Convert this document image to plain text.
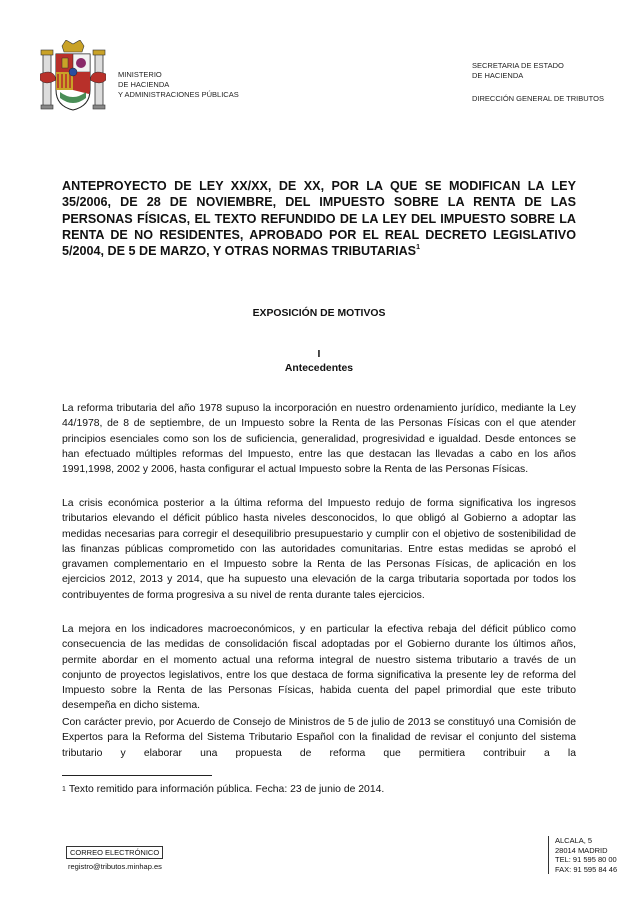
MINISTERIO
DE HACIENDA
Y ADMINISTRACIONES PÚBLICAS
SECRETARIA DE ESTADO
DE HACIENDA
DIRECCIÓN GENERAL DE TRIBUTOS
ANTEPROYECTO DE LEY XX/XX, DE XX, POR LA QUE SE MODIFICAN LA LEY 35/2006, DE 28 DE NOVIEMBRE, DEL IMPUESTO SOBRE LA RENTA DE LAS PERSONAS FÍSICAS, EL TEXTO REFUNDIDO DE LA LEY DEL IMPUESTO SOBRE LA RENTA DE NO RESIDENTES, APROBADO POR EL REAL DECRETO LEGISLATIVO 5/2004, DE 5 DE MARZO, Y OTRAS NORMAS TRIBUTARIAS$^1$
EXPOSICIÓN DE MOTIVOS
I
Antecedentes

La reforma tributaria del año 1978 supuso la incorporación en nuestro ordenamiento jurídico, mediante la Ley 44/1978, de 8 de septiembre, de un Impuesto sobre la Renta de las Personas Físicas con el que atender principios esenciales como son los de suficiencia, generalidad, progresividad e igualdad. Desde entonces se han efectuado múltiples reformas del Impuesto, entre las que destacan las llevadas a cabo en los años 1991,1998, 2002 y 2006, hasta configurar el actual Impuesto sobre la Renta de las Personas Físicas.

La crisis económica posterior a la última reforma del Impuesto redujo de forma significativa los ingresos tributarios elevando el déficit público hasta niveles desconocidos, lo que obligó al Gobierno a adoptar las medidas necesarias para corregir el desequilibrio presupuestario y cumplir con el objetivo de sostenibilidad de las finanzas públicas comprometido con las autoridades comunitarias. Entre estas medidas se aprobó el gravamen complementario en el Impuesto sobre la Renta de las Personas Físicas, de aplicación en los ejercicios 2012, 2013 y 2014, que ha supuesto una elevación de la carga tributaria soportada por todos los contribuyentes de forma progresiva a su nivel de renta durante tales ejercicios.

La mejora en los indicadores macroeconómicos, y en particular la efectiva rebaja del déficit público como consecuencia de las medidas de consolidación fiscal adoptadas por el Gobierno durante los últimos años, permite abordar en el momento actual una reforma integral de nuestro sistema tributario a través de un conjunto de proyectos legislativos, entre los que destaca de forma significativa la presente ley de reforma del Impuesto sobre la Renta de las Personas Físicas, habida cuenta del papel primordial que este tributo desempeña en dicho sistema.

Con carácter previo, por Acuerdo de Consejo de Ministros de 5 de julio de 2013 se constituyó una Comisión de Expertos para la Reforma del Sistema Tributario Español con la finalidad de revisar el conjunto del sistema tributario y elaborar una propuesta de reforma que permitiera contribuir a la

$^1$ Texto remitido para información pública. Fecha: 23 de junio de 2014.
CORREO ELECTRÓNICO
registro@tributos.minhap.es
ALCALA, 5
28014 MADRID
TEL: 91 595 80 00
FAX: 91 595 84 46
